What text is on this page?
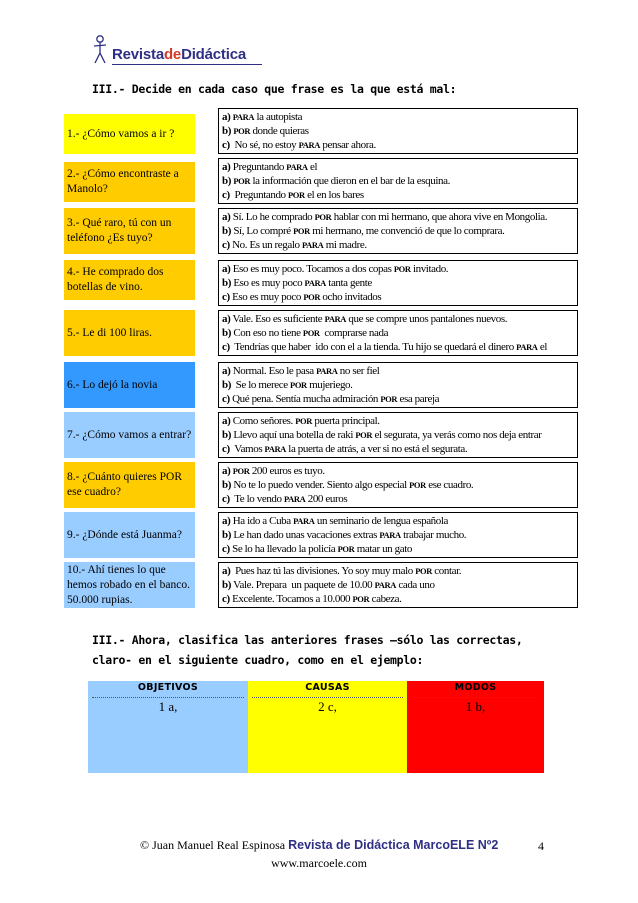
RevistadeDidáctica
III.- Decide en cada caso que frase es la que está mal:
1.- ¿Cómo vamos a ir ?
a) PARA la autopista
b) POR donde quieras
c)  No sé, no estoy PARA pensar ahora.
2.- ¿Cómo encontraste a Manolo?
a) Preguntando PARA el
b) POR la información que dieron en el bar de la esquina.
c)  Preguntando POR el en los bares
3.- Qué raro, tú con un teléfono ¿Es tuyo?
a) Sí. Lo he comprado POR hablar con mi hermano, que ahora vive en Mongolia.
b) Sí, Lo compré POR mi hermano, me convenció de que lo comprara.
c) No. Es un regalo PARA mi madre.
4.- He comprado dos botellas de vino.
a) Eso es muy poco. Tocamos a dos copas POR invitado.
b) Eso es muy poco PARA tanta gente
c) Eso es muy poco POR ocho invitados
5.- Le di 100 liras.
a) Vale. Eso es suficiente PARA que se compre unos pantalones nuevos.
b) Con eso no tiene POR  comprarse nada
c)  Tendrías que haber  ido con el a la tienda. Tu hijo se quedará el dinero PARA el
6.- Lo dejó la novia
a) Normal. Eso le pasa PARA no ser fiel
b)  Se lo merece POR mujeriego.
c) Qué pena. Sentía mucha admiración POR esa pareja
7.- ¿Cómo vamos a entrar?
a) Como señores. POR puerta principal.
b) Llevo aquí una botella de raki POR el segurata, ya verás como nos deja entrar
c)  Vamos PARA la puerta de atrás, a ver si no está el segurata.
8.- ¿Cuánto quieres POR ese cuadro?
a) POR 200 euros es tuyo.
b) No te lo puedo vender. Siento algo especial POR ese cuadro.
c)  Te lo vendo PARA 200 euros
9.- ¿Dónde está Juanma?
a) Ha ido a Cuba PARA un seminario de lengua española
b) Le han dado unas vacaciones extras PARA trabajar mucho.
c) Se lo ha llevado la policía POR matar un gato
10.- Ahí tienes lo que hemos robado en el banco. 50.000 rupias.
a)  Pues haz tú las divisiones. Yo soy muy malo POR contar.
b) Vale. Prepara  un paquete de 10.00 PARA cada uno
c) Excelente. Tocamos a 10.000 POR cabeza.
III.- Ahora, clasifica las anteriores frases –sólo las correctas, claro- en el siguiente cuadro, como en el ejemplo:
OBJETIVOS
1 a,
CAUSAS
2 c,
MODOS
1 b,
© Juan Manuel Real Espinosa Revista de Didáctica MarcoELE Nº2	4
www.marcoele.com
